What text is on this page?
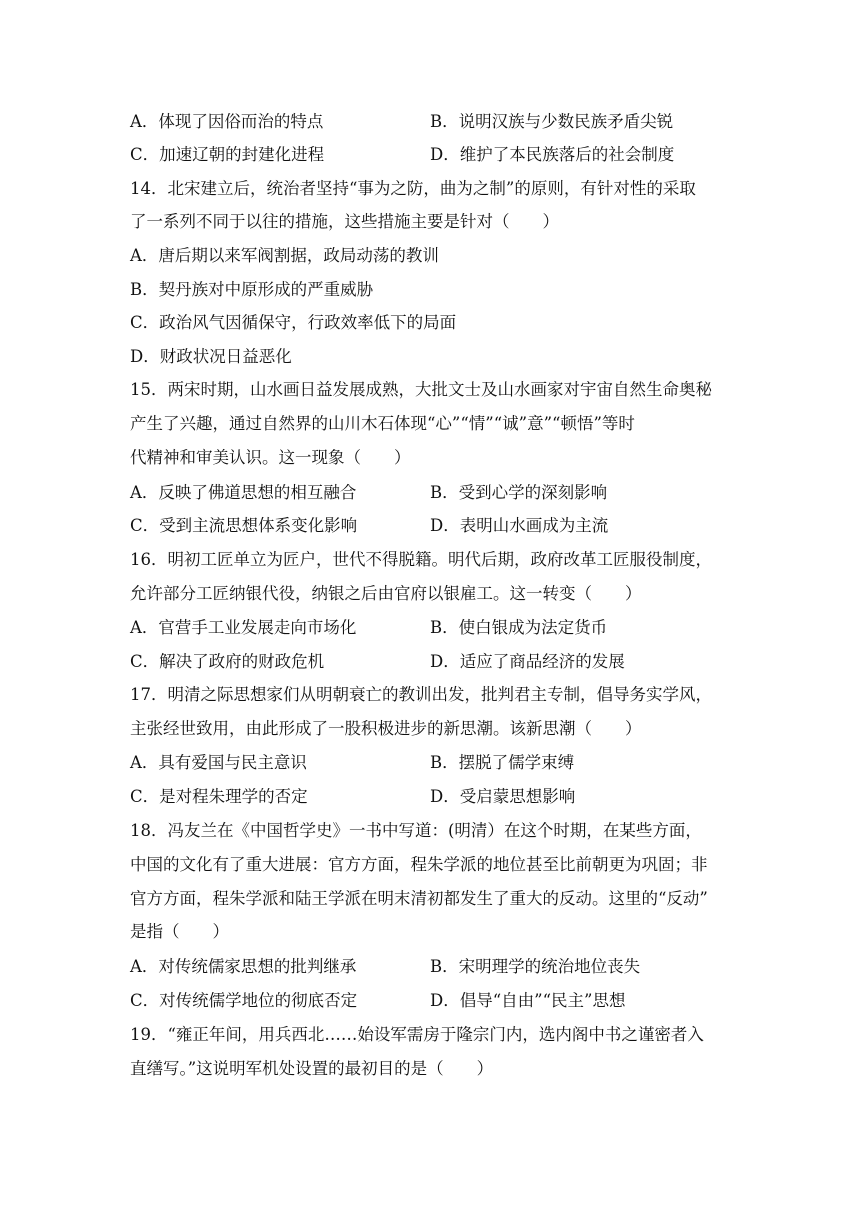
A．体现了因俗而治的特点	B．说明汉族与少数民族矛盾尖锐
C．加速辽朝的封建化进程	D．维护了本民族落后的社会制度
14．北宋建立后，统治者坚持“事为之防，曲为之制”的原则，有针对性的采取
了一系列不同于以往的措施，这些措施主要是针对（　　）
A．唐后期以来军阀割据，政局动荡的教训
B．契丹族对中原形成的严重威胁
C．政治风气因循保守，行政效率低下的局面
D．财政状况日益恶化
15．两宋时期，山水画日益发展成熟，大批文士及山水画家对宇宙自然生命奥秘
产生了兴趣，通过自然界的山川木石体现“心”“情”“诚”意”“顿悟”等时
代精神和审美认识。这一现象（　　）
A．反映了佛道思想的相互融合	B．受到心学的深刻影响
C．受到主流思想体系变化影响	D．表明山水画成为主流
16．明初工匠单立为匠户，世代不得脱籍。明代后期，政府改革工匠服役制度，
允许部分工匠纳银代役，纳银之后由官府以银雇工。这一转变（　　）
A．官营手工业发展走向市场化	B．使白银成为法定货币
C．解决了政府的财政危机	D．适应了商品经济的发展
17．明清之际思想家们从明朝衰亡的教训出发，批判君主专制，倡导务实学风，
主张经世致用，由此形成了一股积极进步的新思潮。该新思潮（　　）
A．具有爱国与民主意识	B．摆脱了儒学束缚
C．是对程朱理学的否定	D．受启蒙思想影响
18．冯友兰在《中国哲学史》一书中写道：(明清）在这个时期，在某些方面，
中国的文化有了重大进展：官方方面，程朱学派的地位甚至比前朝更为巩固；非
官方方面，程朱学派和陆王学派在明末清初都发生了重大的反动。这里的“反动”
是指（　　）
A．对传统儒家思想的批判继承	B．宋明理学的统治地位丧失
C．对传统儒学地位的彻底否定	D．倡导“自由”“民主”思想
19．“雍正年间，用兵西北……始设军需房于隆宗门内，选内阁中书之谨密者入
直缮写。”这说明军机处设置的最初目的是（　　）
